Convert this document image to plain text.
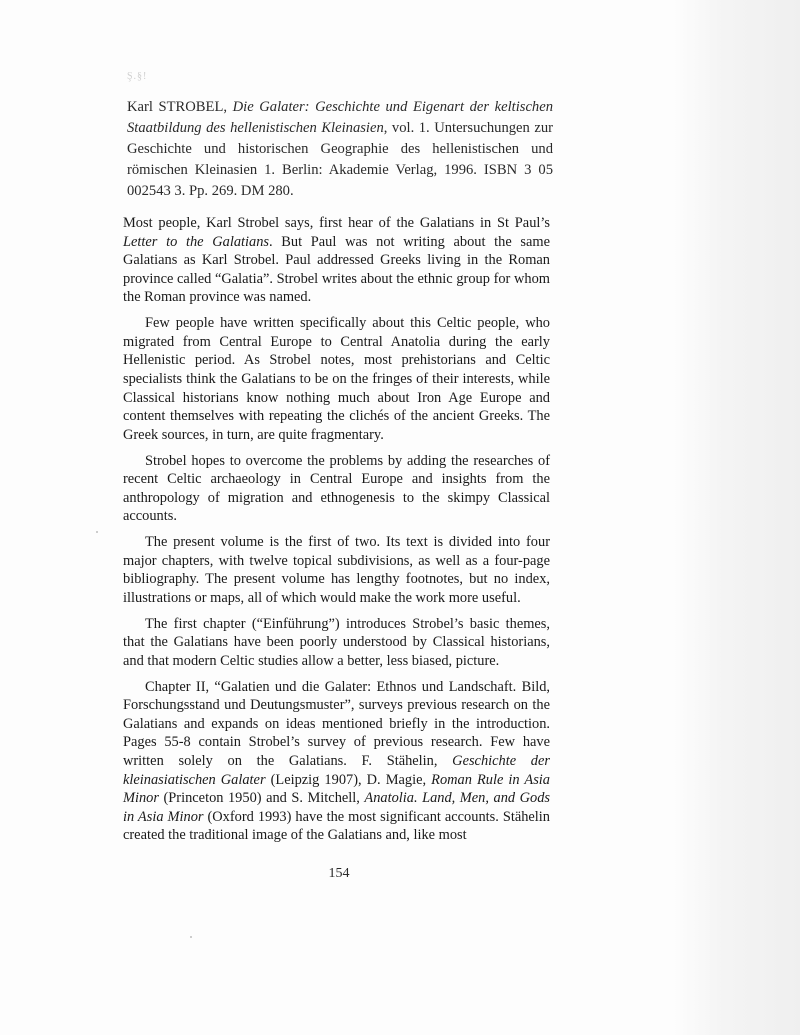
Ş.§!
Karl STROBEL, Die Galater: Geschichte und Eigenart der keltischen Staatbildung des hellenistischen Kleinasien, vol. 1. Untersuchungen zur Geschichte und historischen Geographie des hellenistischen und römischen Kleinasien 1. Berlin: Akademie Verlag, 1996. ISBN 3 05 002543 3. Pp. 269. DM 280.

Most people, Karl Strobel says, first hear of the Galatians in St Paul’s Letter to the Galatians. But Paul was not writing about the same Galatians as Karl Strobel. Paul addressed Greeks living in the Roman province called “Galatia”. Strobel writes about the ethnic group for whom the Roman province was named.

Few people have written specifically about this Celtic people, who migrated from Central Europe to Central Anatolia during the early Hellenistic period. As Strobel notes, most prehistorians and Celtic specialists think the Galatians to be on the fringes of their interests, while Classical historians know nothing much about Iron Age Europe and content themselves with repeating the clichés of the ancient Greeks. The Greek sources, in turn, are quite fragmentary.

Strobel hopes to overcome the problems by adding the researches of recent Celtic archaeology in Central Europe and insights from the anthropology of migration and ethnogenesis to the skimpy Classical accounts.

The present volume is the first of two. Its text is divided into four major chapters, with twelve topical subdivisions, as well as a four-page bibliography. The present volume has lengthy footnotes, but no index, illustrations or maps, all of which would make the work more useful.

The first chapter (“Einführung”) introduces Strobel’s basic themes, that the Galatians have been poorly understood by Classical historians, and that modern Celtic studies allow a better, less biased, picture.

Chapter II, “Galatien und die Galater: Ethnos und Landschaft. Bild, Forschungsstand und Deutungsmuster”, surveys previous research on the Galatians and expands on ideas mentioned briefly in the introduction. Pages 55-8 contain Strobel’s survey of previous research. Few have written solely on the Galatians. F. Stähelin, Geschichte der kleinasiatischen Galater (Leipzig 1907), D. Magie, Roman Rule in Asia Minor (Princeton 1950) and S. Mitchell, Anatolia. Land, Men, and Gods in Asia Minor (Oxford 1993) have the most significant accounts. Stähelin created the traditional image of the Galatians and, like most

154
